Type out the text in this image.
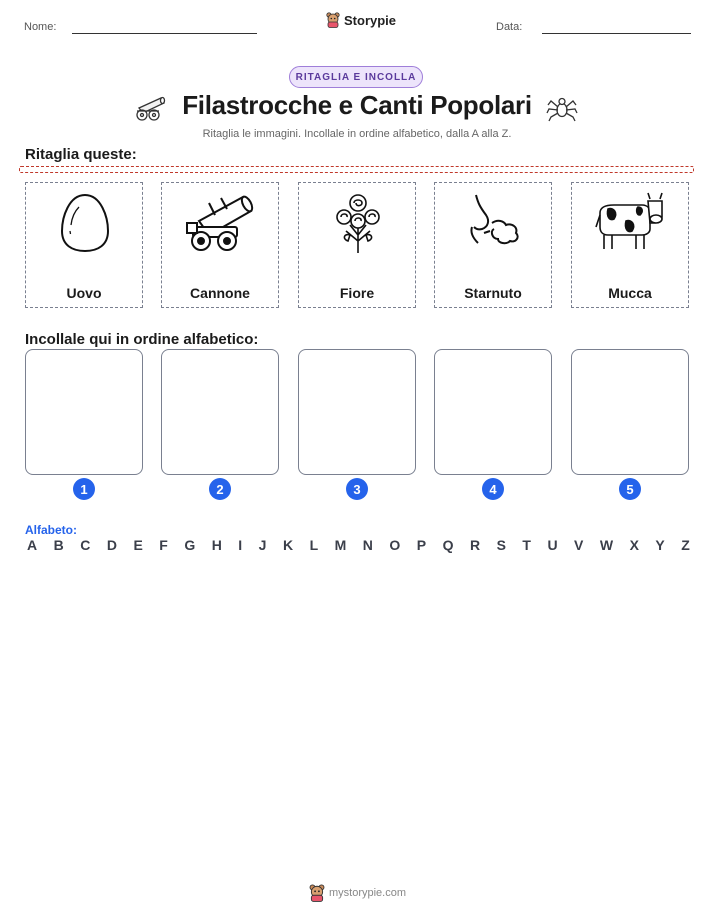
Nome:	Storypie	Data:
RITAGLIA E INCOLLA
Filastrocche e Canti Popolari
Ritaglia le immagini. Incollale in ordine alfabetico, dalla A alla Z.
Ritaglia queste:
Uovo	Cannone	Fiore	Starnuto	Mucca
Incollale qui in ordine alfabetico:
1	2	3	4	5
Alfabeto:
A B C D E F G H I J K L M N O P Q R S T U V W X Y Z
mystorypie.com
